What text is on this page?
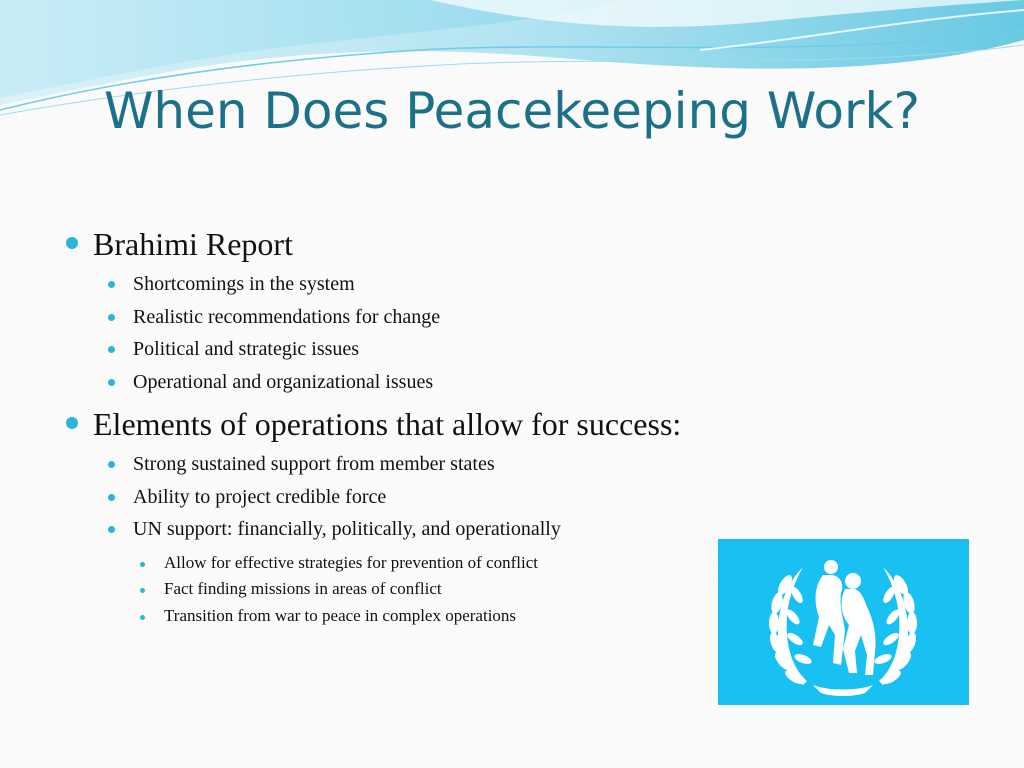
When Does Peacekeeping Work?
Brahimi Report
Shortcomings in the system
Realistic recommendations for change
Political and strategic issues
Operational and organizational issues
Elements of operations that allow for success:
Strong sustained support from member states
Ability to project credible force
UN support: financially, politically, and operationally
Allow for effective strategies for prevention of conflict
Fact finding missions in areas of conflict
Transition from war to peace in complex operations
